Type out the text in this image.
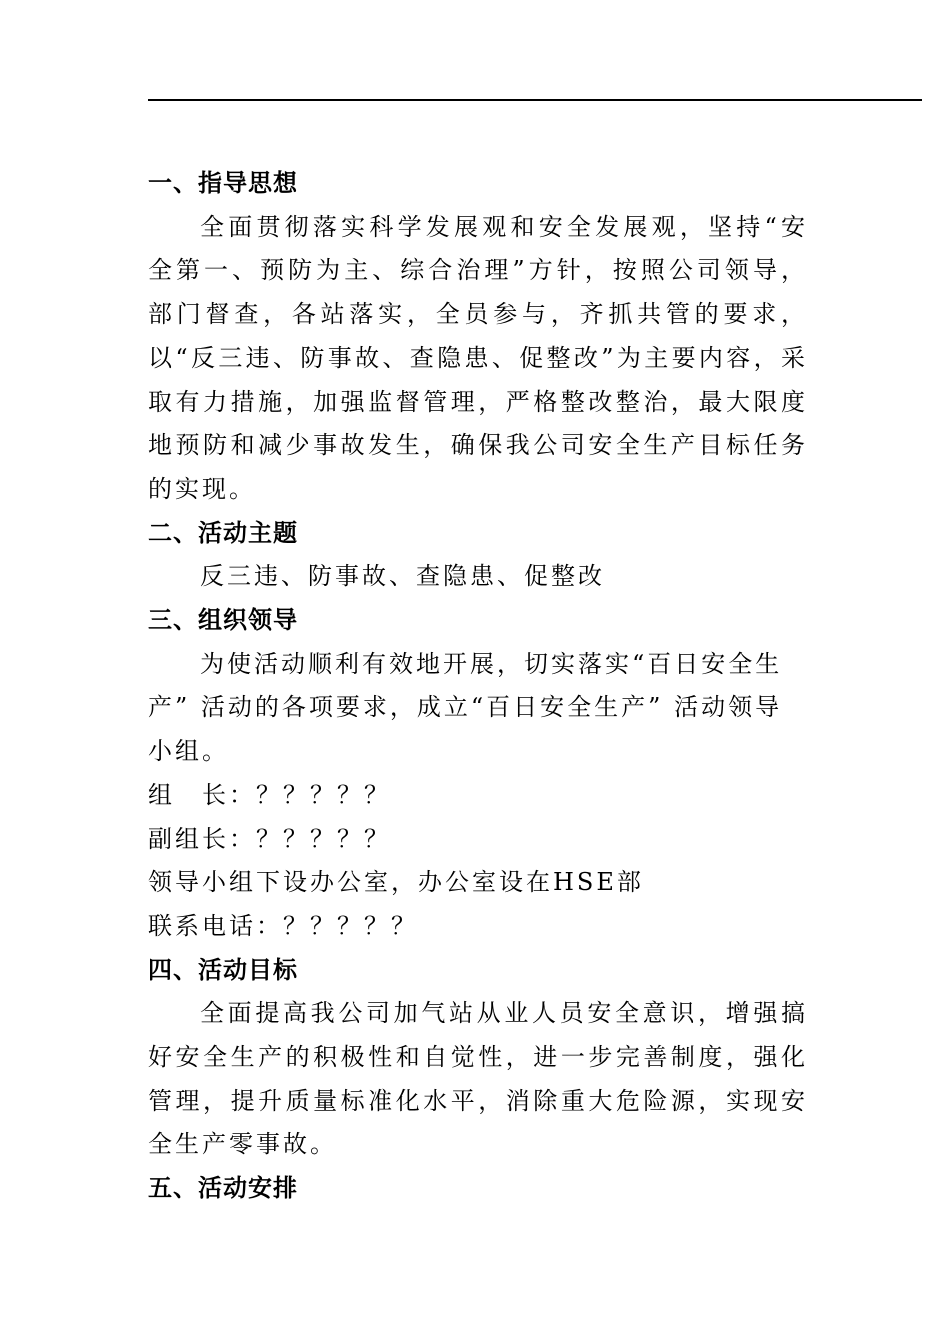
一、指导思想

全面贯彻落实科学发展观和安全发展观，坚持“安全第一、预防为主、综合治理”方针，按照公司领导，部门督查，各站落实，全员参与，齐抓共管的要求，以“反三违、防事故、查隐患、促整改”为主要内容，采取有力措施，加强监督管理，严格整改整治，最大限度地预防和减少事故发生，确保我公司安全生产目标任务的实现。

二、活动主题

反三违、防事故、查隐患、促整改

三、组织领导

为使活动顺利有效地开展，切实落实“百日安全生产” 活动的各项要求，成立“百日安全生产” 活动领导小组。

组　长：？？？？？

副组长：？？？？？

领导小组下设办公室，办公室设在HSE部

联系电话：？？？？？

四、活动目标

全面提高我公司加气站从业人员安全意识，增强搞好安全生产的积极性和自觉性，进一步完善制度，强化管理，提升质量标准化水平，消除重大危险源，实现安全生产零事故。

五、活动安排
